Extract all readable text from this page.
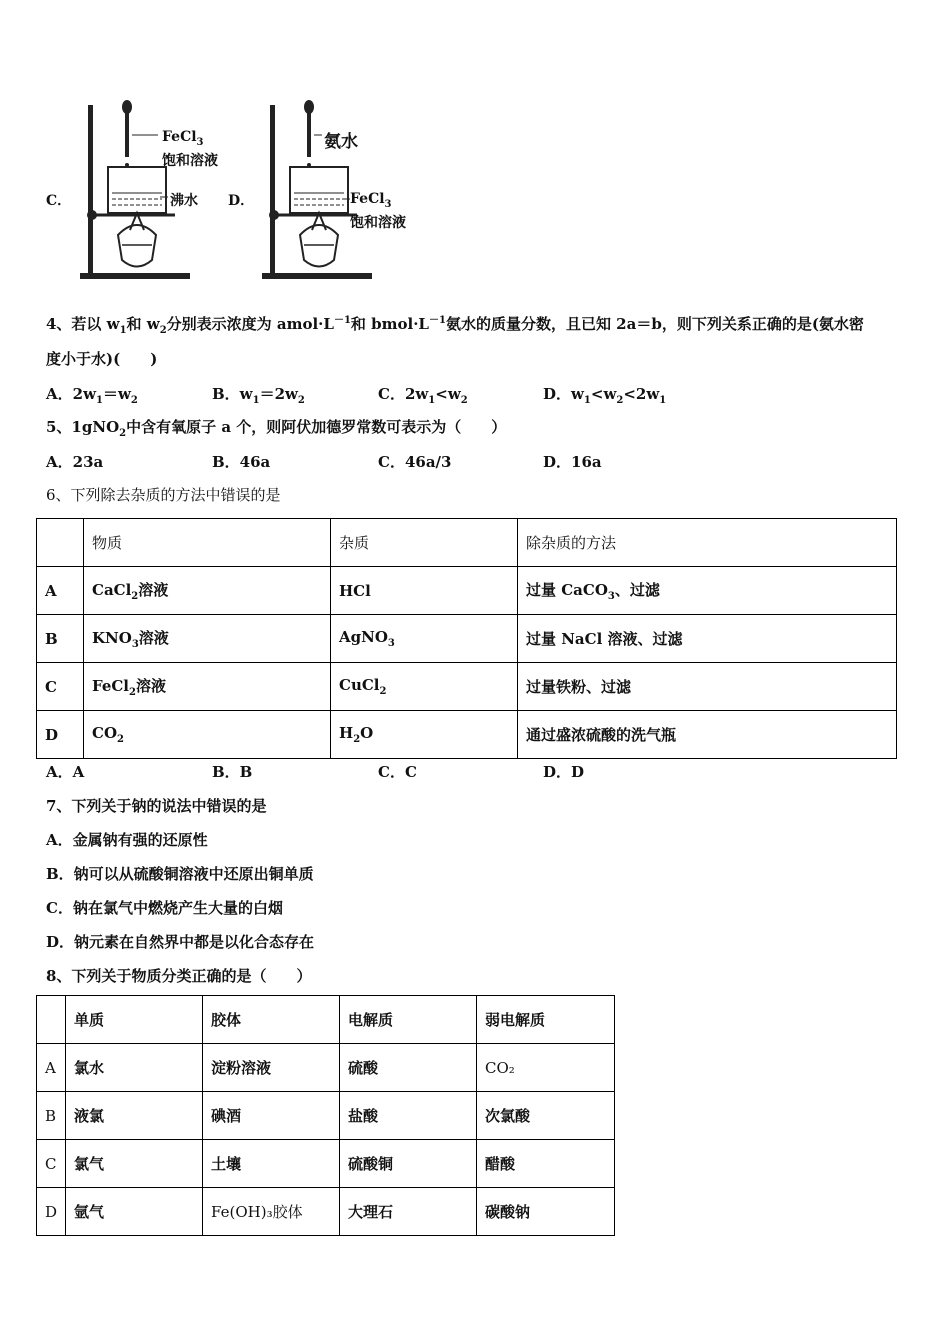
C．
FeCl$_3$
饱和溶液
沸水 D．
氨水
FeCl$_3$
饱和溶液
4、若以 $w_1$和 $w_2$分别表示浓度为 $amol\cdot L^{-1}$和 $bmol\cdot L^{-1}$氨水的质量分数，且已知 2a＝b，则下列关系正确的是(氨水密
度小于水)(　　)
A．$2w_1=w_2$	B．$w_1=2w_2$	C．$2w_1<w_2$	D．$w_1<w_2<2w_1$
5、1gNO$_2$中含有氧原子 a 个，则阿伏加德罗常数可表示为（　　）
A．23a	B．46a	C．46a/3	D．16a
6、下列除去杂质的方法中错误的是
	物质	杂质	除杂质的方法
A	CaCl$_2$溶液	HCl	过量 CaCO$_3$、过滤
B	$KNO_3$溶液	AgNO$_3$	过量 NaCl 溶液、过滤
C	FeCl$_2$溶液	CuCl$_2$	过量铁粉、过滤
D	$CO_2$	$H_2O$	通过盛浓硫酸的洗气瓶
A．A	B．B	C．C	D．D
7、下列关于钠的说法中错误的是
A．金属钠有强的还原性
B．钠可以从硫酸铜溶液中还原出铜单质
C．钠在氯气中燃烧产生大量的白烟
D．钠元素在自然界中都是以化合态存在
8、下列关于物质分类正确的是（　　）
	单质	胶体	电解质	弱电解质
A	氯水	淀粉溶液	硫酸	CO₂
B	液氯	碘酒	盐酸	次氯酸
C	氯气	土壤	硫酸铜	醋酸
D	氩气	Fe(OH)₃胶体	大理石	碳酸钠
